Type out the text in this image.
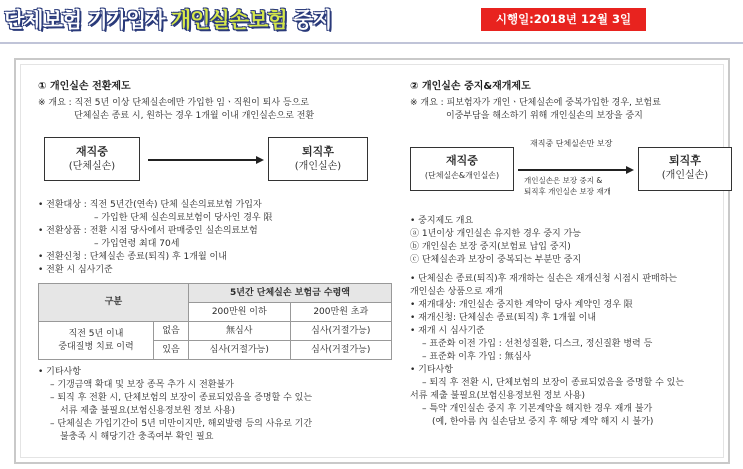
단체보험 기가입자 개인실손보험 중지	시행일:2018년 12월 3일
① 개인실손 전환제도
※ 개요 : 직전 5년 이상 단체실손에만 가입한 임ㆍ직원이 퇴사 등으로
단체실손 종료 시, 원하는 경우 1개월 이내 개인실손으로 전환
재직중
(단체실손)
퇴직후
(개인실손)
• 전환대상 : 직전 5년간(연속) 단체 실손의료보험 가입자
– 가입한 단체 실손의료보험이 당사인 경우 限
• 전환상품 : 전환 시점 당사에서 판매중인 실손의료보험
– 가입연령 최대 70세
• 전환신청 : 단체실손 종료(퇴직) 후 1개월 이내
• 전환 시 심사기준
구분		5년간 단체실손 보험금 수령액	
		200만원 이하	200만원 초과

직전 5년 이내
중대질병 치료 이력	없음	無심사	심사(거절가능)
	있음	심사(거절가능)	심사(거절가능)
• 기타사항
– 기갱금액 확대 및 보장 종목 추가 시 전환불가
– 퇴직 후 전환 시, 단체보험의 보장이 종료되었음을 증명할 수 있는
서류 제출 불필요(보험신용정보원 정보 사용)
– 단체실손 가입기간이 5년 미만이지만, 해외발령 등의 사유로 기간
불충족 시 해당기간 충족여부 확인 필요
② 개인실손 중지&재개제도
※ 개요 : 피보험자가 개인ㆍ단체실손에 중복가입한 경우, 보험료
이중부담을 해소하기 위해 개인실손의 보장을 중지
재직중
(단체실손&개인실손)
재직중 단체실손만 보장
개인실손은 보장 중지 &
퇴직후 개인실손 보장 재개
퇴직후
(개인실손)
• 중지제도 개요
ⓐ 1년이상 개인실손 유지한 경우 중지 가능
ⓑ 개인실손 보장 중지(보험료 납입 중지)
ⓒ 단체실손과 보장이 중복되는 부분만 중지
• 단체실손 종료(퇴직)후 재개하는 실손은 재개신청 시점시 판매하는
개인실손 상품으로 재개
• 재개대상: 개인실손 중지한 계약이 당사 계약인 경우 限
• 재개신청: 단체실손 종료(퇴직) 후 1개월 이내
• 재개 시 심사기준
– 표준화 이전 가입 : 선천성질환, 디스크, 정신질환 병력 등
– 표준화 이후 가입 : 無심사
• 기타사항
– 퇴직 후 전환 시, 단체보험의 보장이 종료되었음을 증명할 수 있는
서류 제출 불필요(보험신용정보원 정보 사용)
– 특약 개인실손 중지 후 기본계약을 해지한 경우 재개 불가
(예, 한아름 內 실손담보 중지 후 해당 계약 해지 시 불가)
